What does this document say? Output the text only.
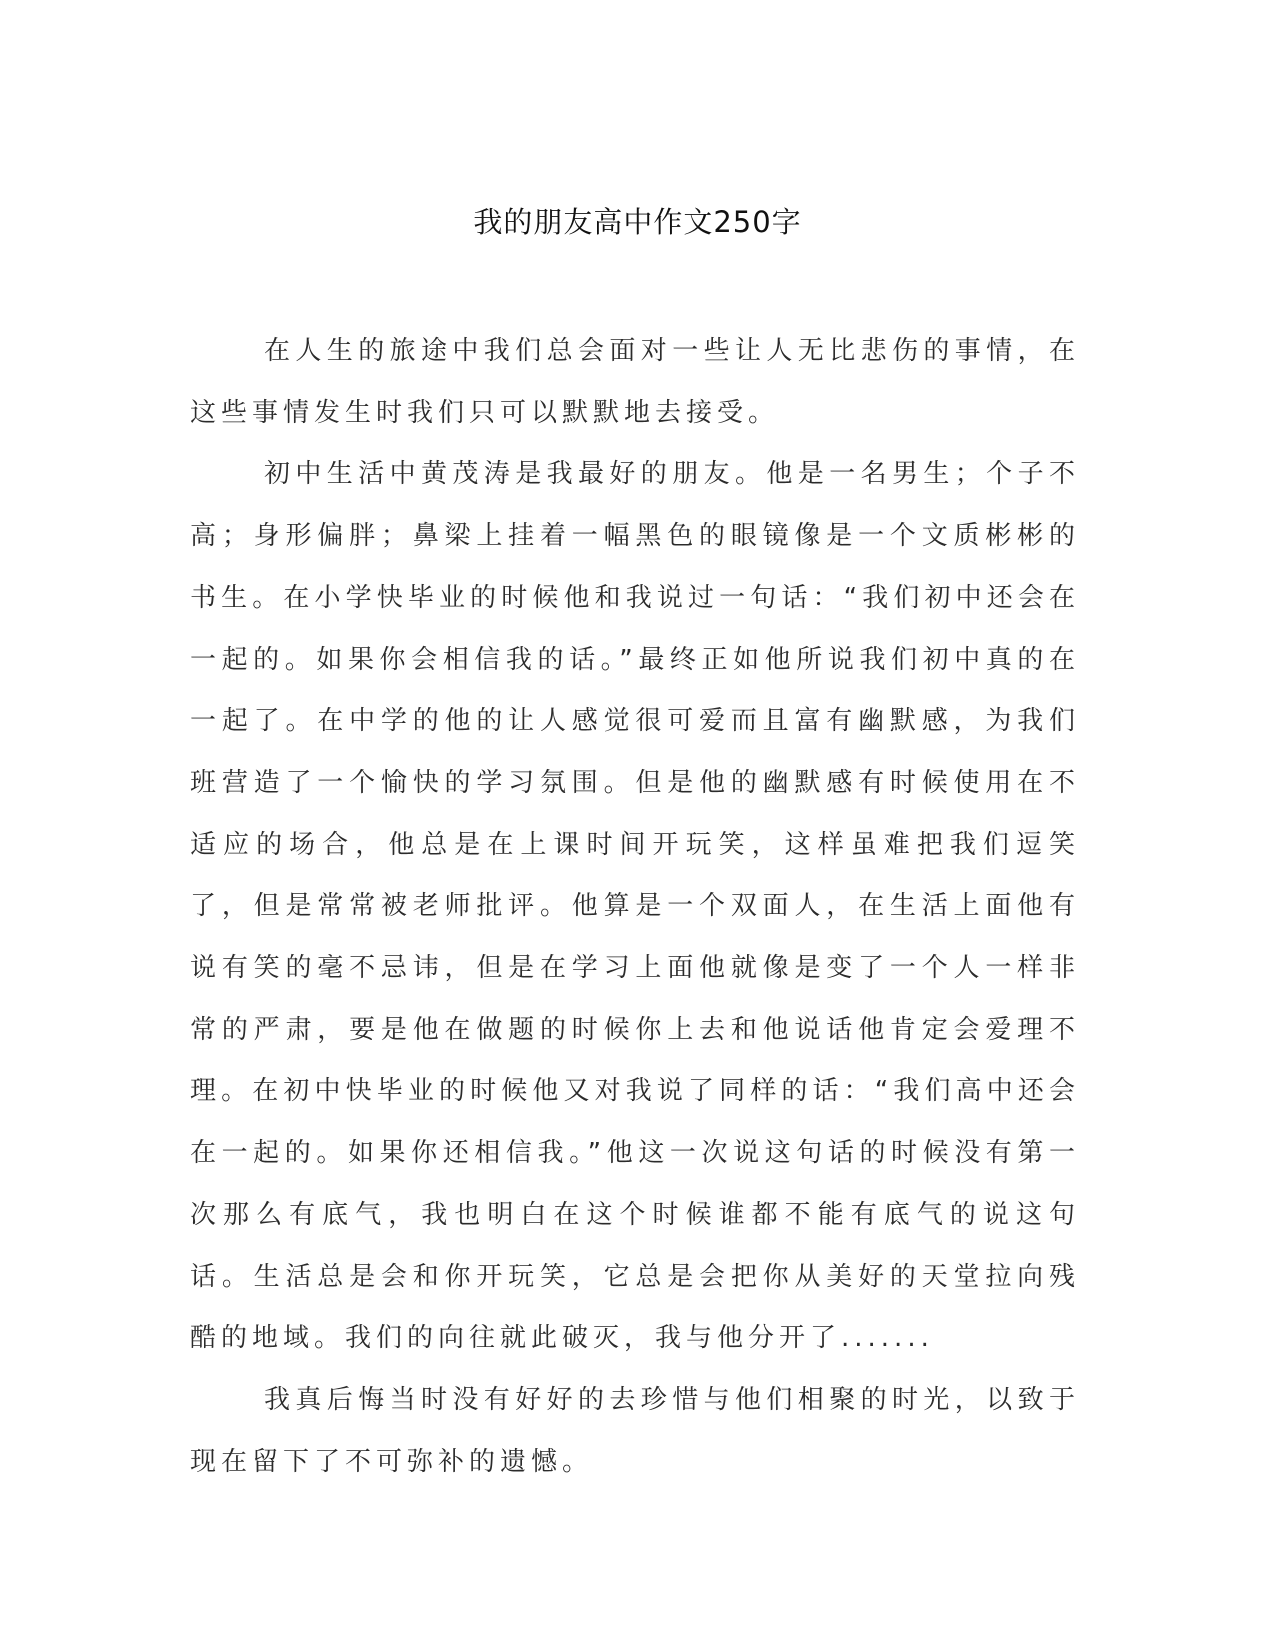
我的朋友高中作文250字

在人生的旅途中我们总会面对一些让人无比悲伤的事情，在这些事情发生时我们只可以默默地去接受。

初中生活中黄茂涛是我最好的朋友。他是一名男生；个子不高；身形偏胖；鼻梁上挂着一幅黑色的眼镜像是一个文质彬彬的书生。在小学快毕业的时候他和我说过一句话：“我们初中还会在一起的。如果你会相信我的话。”最终正如他所说我们初中真的在一起了。在中学的他的让人感觉很可爱而且富有幽默感，为我们班营造了一个愉快的学习氛围。但是他的幽默感有时候使用在不适应的场合，他总是在上课时间开玩笑，这样虽难把我们逗笑了，但是常常被老师批评。他算是一个双面人，在生活上面他有说有笑的毫不忌讳，但是在学习上面他就像是变了一个人一样非常的严肃，要是他在做题的时候你上去和他说话他肯定会爱理不理。在初中快毕业的时候他又对我说了同样的话：“我们高中还会在一起的。如果你还相信我。”他这一次说这句话的时候没有第一次那么有底气，我也明白在这个时候谁都不能有底气的说这句话。生活总是会和你开玩笑，它总是会把你从美好的天堂拉向残酷的地域。我们的向往就此破灭，我与他分开了.......

我真后悔当时没有好好的去珍惜与他们相聚的时光，以致于现在留下了不可弥补的遗憾。
